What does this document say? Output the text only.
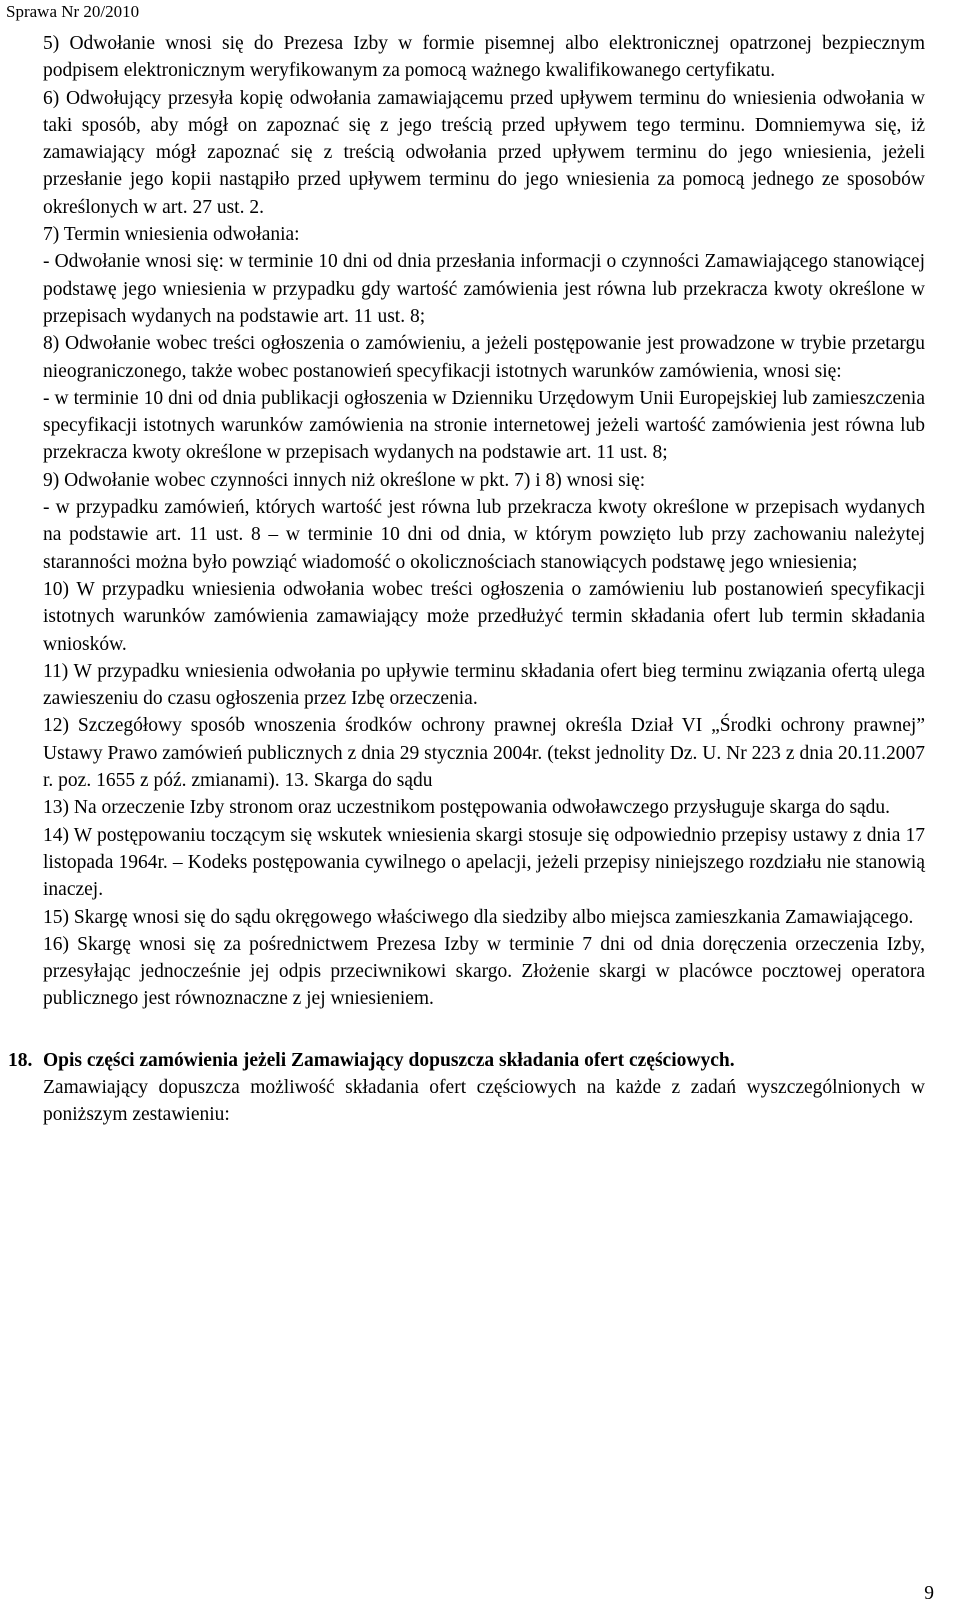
Sprawa Nr 20/2010

5) Odwołanie wnosi się do Prezesa Izby w formie pisemnej albo elektronicznej opatrzonej bezpiecznym podpisem elektronicznym weryfikowanym za pomocą ważnego kwalifikowanego certyfikatu.

6) Odwołujący przesyła kopię odwołania zamawiającemu przed upływem terminu do wniesienia odwołania w taki sposób, aby mógł on zapoznać się z jego treścią przed upływem tego terminu. Domniemywa się, iż zamawiający mógł zapoznać się z treścią odwołania przed upływem terminu do jego wniesienia, jeżeli przesłanie jego kopii nastąpiło przed upływem terminu do jego wniesienia za pomocą jednego ze sposobów określonych w art. 27 ust. 2.

7) Termin wniesienia odwołania:

- Odwołanie wnosi się: w terminie 10 dni od dnia przesłania informacji o czynności Zamawiającego stanowiącej podstawę jego wniesienia w przypadku gdy wartość zamówienia jest równa lub przekracza kwoty określone w przepisach wydanych na podstawie art. 11 ust. 8;

8) Odwołanie wobec treści ogłoszenia o zamówieniu, a jeżeli postępowanie jest prowadzone w trybie przetargu nieograniczonego, także wobec postanowień specyfikacji istotnych warunków zamówienia, wnosi się:

- w terminie 10 dni od dnia publikacji ogłoszenia w Dzienniku Urzędowym Unii Europejskiej lub zamieszczenia specyfikacji istotnych warunków zamówienia na stronie internetowej jeżeli wartość zamówienia jest równa lub przekracza kwoty określone w przepisach wydanych na podstawie art. 11 ust. 8;

9) Odwołanie wobec czynności innych niż określone w pkt. 7) i 8) wnosi się:

- w przypadku zamówień, których wartość jest równa lub przekracza kwoty określone w przepisach wydanych na podstawie art. 11 ust. 8 – w terminie 10 dni od dnia, w którym powzięto lub przy zachowaniu należytej staranności można było powziąć wiadomość o okolicznościach stanowiących podstawę jego wniesienia;

10) W przypadku wniesienia odwołania wobec treści ogłoszenia o zamówieniu lub postanowień specyfikacji istotnych warunków zamówienia zamawiający może przedłużyć termin składania ofert lub termin składania wniosków.

11) W przypadku wniesienia odwołania po upływie terminu składania ofert bieg terminu związania ofertą ulega zawieszeniu do czasu ogłoszenia przez Izbę orzeczenia.

12) Szczegółowy sposób wnoszenia środków ochrony prawnej określa Dział VI „Środki ochrony prawnej” Ustawy Prawo zamówień publicznych z dnia 29 stycznia 2004r. (tekst jednolity Dz. U. Nr 223 z dnia 20.11.2007 r. poz. 1655 z póź. zmianami). 13. Skarga do sądu

13) Na orzeczenie Izby stronom oraz uczestnikom postępowania odwoławczego przysługuje skarga do sądu.

14) W postępowaniu toczącym się wskutek wniesienia skargi stosuje się odpowiednio przepisy ustawy z dnia 17 listopada 1964r. – Kodeks postępowania cywilnego o apelacji, jeżeli przepisy niniejszego rozdziału nie stanowią inaczej.

15) Skargę wnosi się do sądu okręgowego właściwego dla siedziby albo miejsca zamieszkania Zamawiającego.

16) Skargę wnosi się za pośrednictwem Prezesa Izby w terminie 7 dni od dnia doręczenia orzeczenia Izby, przesyłając jednocześnie jej odpis przeciwnikowi skargo. Złożenie skargi w placówce pocztowej operatora publicznego jest równoznaczne z jej wniesieniem.

18. Opis części zamówienia jeżeli Zamawiający dopuszcza składania ofert częściowych.

Zamawiający dopuszcza możliwość składania ofert częściowych na każde z zadań wyszczególnionych w poniższym zestawieniu:

9
